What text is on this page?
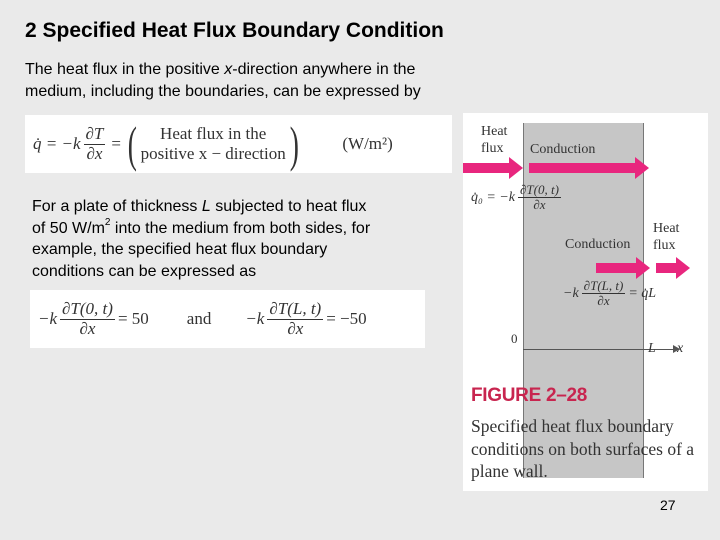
2 Specified Heat Flux Boundary Condition
The heat flux in the positive x-direction anywhere in the medium, including the boundaries, can be expressed by
q̇ = $-k \frac{\partial T}{\partial x}$ = ( Heat flux in the
positive x − direction )	(W/m²)
For a plate of thickness L subjected to heat flux of 50 $W/m^2$ into the medium from both sides, for example, the specified heat flux boundary conditions can be expressed as
$-k \frac{\partial T(0, t)}{\partial x} = 50$ and $-k \frac{\partial T(L, t)}{\partial x} = -50$
Heat
flux Conduction
q̇₀ = $-k \frac{\partial T(0, t)}{\partial x}$
Heat
flux
Conduction
$-k \frac{\partial T(L, t)}{\partial x}$ = q̇L
0
L x
FIGURE 2–28
Specified heat flux boundary conditions on both surfaces of a plane wall.
27
